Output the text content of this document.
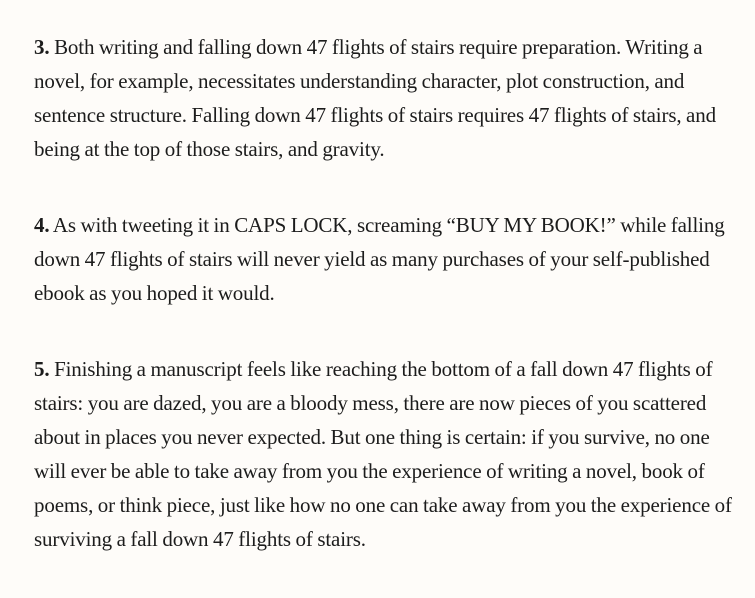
3. Both writing and falling down 47 flights of stairs require preparation. Writing a novel, for example, necessitates understanding character, plot construction, and sentence structure. Falling down 47 flights of stairs requires 47 flights of stairs, and being at the top of those stairs, and gravity.

4. As with tweeting it in CAPS LOCK, screaming “BUY MY BOOK!” while falling down 47 flights of stairs will never yield as many purchases of your self-published ebook as you hoped it would.

5. Finishing a manuscript feels like reaching the bottom of a fall down 47 flights of stairs: you are dazed, you are a bloody mess, there are now pieces of you scattered about in places you never expected. But one thing is certain: if you survive, no one will ever be able to take away from you the experience of writing a novel, book of poems, or think piece, just like how no one can take away from you the experience of surviving a fall down 47 flights of stairs.
